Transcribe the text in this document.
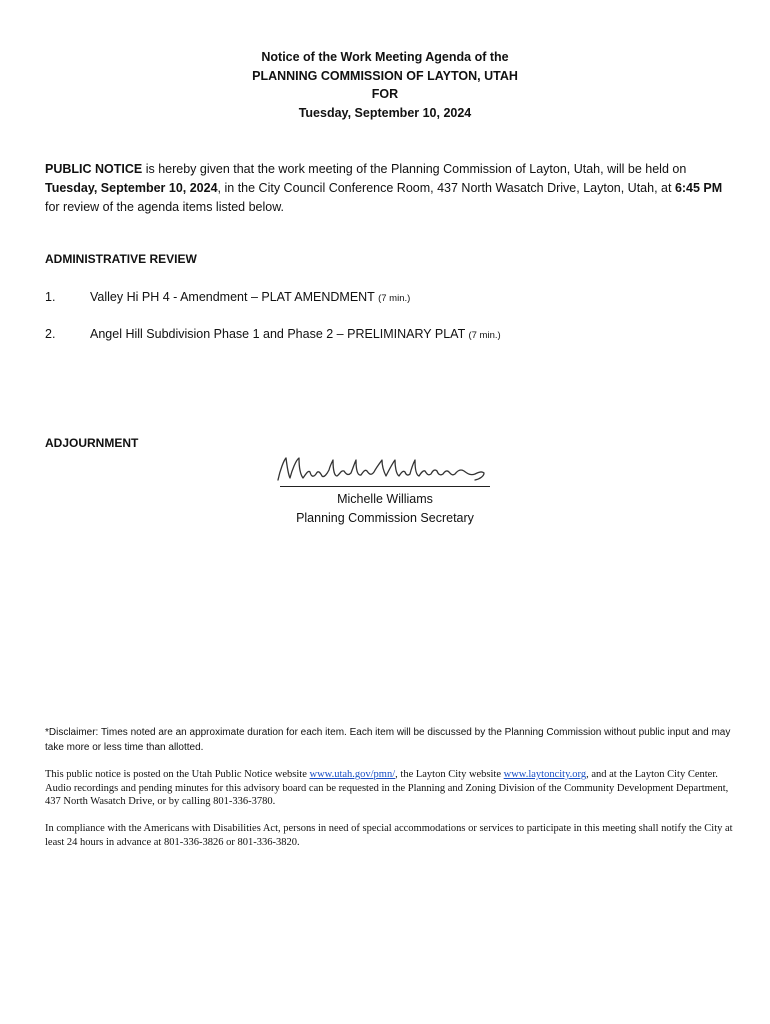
Notice of the Work Meeting Agenda of the
PLANNING COMMISSION OF LAYTON, UTAH
FOR
Tuesday, September 10, 2024
PUBLIC NOTICE is hereby given that the work meeting of the Planning Commission of Layton, Utah, will be held on Tuesday, September 10, 2024, in the City Council Conference Room, 437 North Wasatch Drive, Layton, Utah, at 6:45 PM for review of the agenda items listed below.
ADMINISTRATIVE REVIEW
1.	Valley Hi PH 4 - Amendment – PLAT AMENDMENT (7 min.)
2.	Angel Hill Subdivision Phase 1 and Phase 2 – PRELIMINARY PLAT (7 min.)
ADJOURNMENT
Michelle Williams
Planning Commission Secretary
*Disclaimer: Times noted are an approximate duration for each item. Each item will be discussed by the Planning Commission without public input and may take more or less time than allotted.
This public notice is posted on the Utah Public Notice website www.utah.gov/pmn/, the Layton City website www.laytoncity.org, and at the Layton City Center. Audio recordings and pending minutes for this advisory board can be requested in the Planning and Zoning Division of the Community Development Department, 437 North Wasatch Drive, or by calling 801-336-3780.
In compliance with the Americans with Disabilities Act, persons in need of special accommodations or services to participate in this meeting shall notify the City at least 24 hours in advance at 801-336-3826 or 801-336-3820.
